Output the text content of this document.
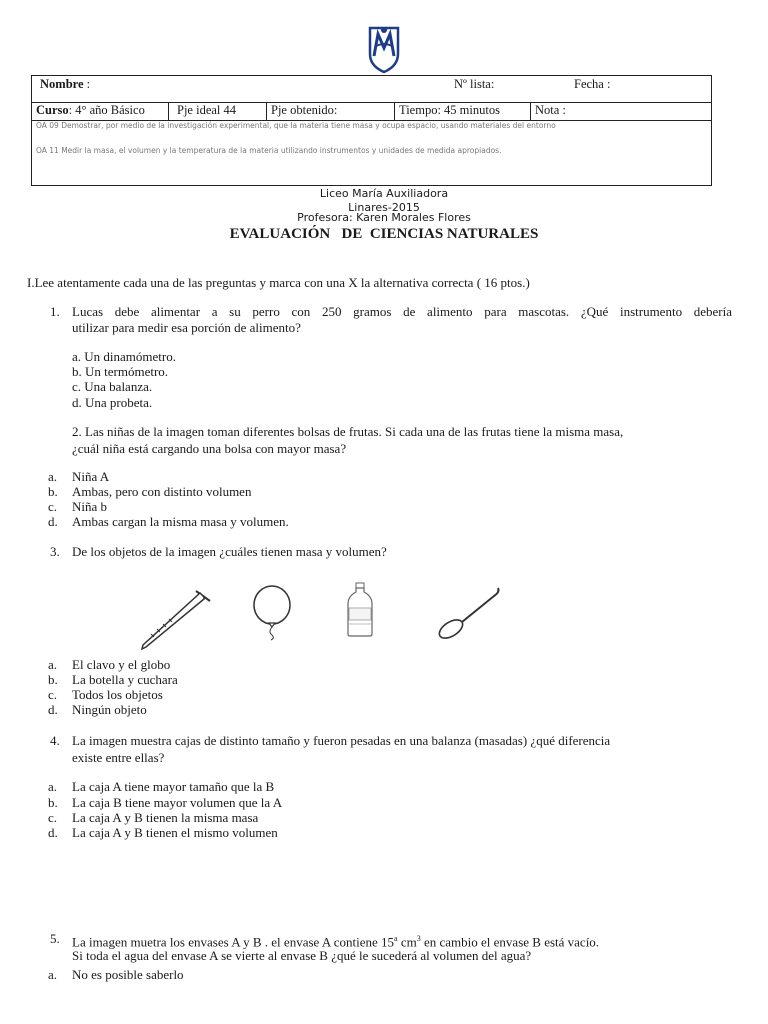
Nombre :	Nº lista:	Fecha :
Curso: 4° año Básico	Pje ideal 44	Pje obtenido:	Tiempo: 45 minutos	Nota :
OA 09 Demostrar, por medio de la investigación experimental, que la materia tiene masa y ocupa espacio, usando materiales del entorno
OA 11 Medir la masa, el volumen y la temperatura de la materia utilizando instrumentos y unidades de medida apropiados.
Liceo María Auxiliadora
Linares-2015
Profesora: Karen Morales Flores
EVALUACIÓN   DE  CIENCIAS NATURALES
I.Lee atentamente cada una de las preguntas y marca con una X la alternativa correcta ( 16 ptos.)
1. Lucas debe alimentar a su perro con 250 gramos de alimento para mascotas. ¿Qué instrumento debería
utilizar para medir esa porción de alimento?
a. Un dinamómetro.
b. Un termómetro.
c. Una balanza.
d. Una probeta.
2. Las niñas de la imagen toman diferentes bolsas de frutas. Si cada una de las frutas tiene la misma masa,
¿cuál niña está cargando una bolsa con mayor masa?
a. Niña A
b. Ambas, pero con distinto volumen
c. Niña b
d. Ambas cargan la misma masa y volumen.
3. De los objetos de la imagen ¿cuáles tienen masa y volumen?
a. El clavo y el globo
b. La botella y cuchara
c. Todos los objetos
d. Ningún objeto
4. La imagen muestra cajas de distinto tamaño y fueron pesadas en una balanza (masadas) ¿qué diferencia
existe entre ellas?
a. La caja A tiene mayor tamaño que la B
b. La caja B tiene mayor volumen que la A
c. La caja A y B tienen la misma masa
d. La caja A y B tienen el mismo volumen
5. La imagen muetra los envases A y B . el envase A contiene 15$^a$ $cm^3$ en cambio el envase B está vacío.
Si toda el agua del envase A se vierte al envase B ¿qué le sucederá al volumen del agua?
a. No es posible saberlo
